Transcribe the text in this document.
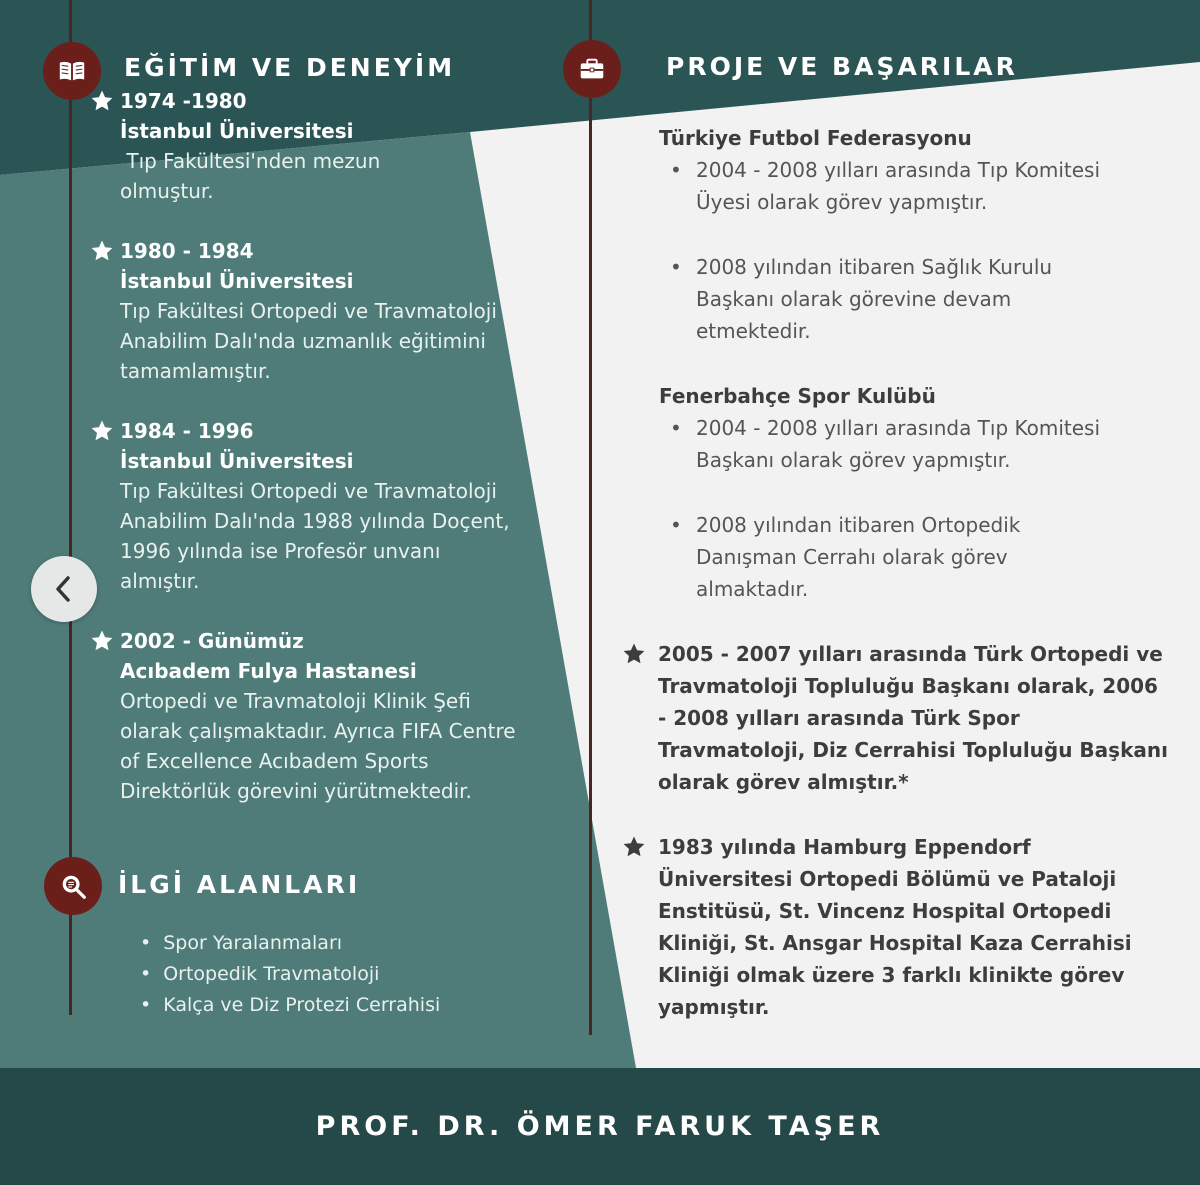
EĞİTİM VE DENEYİM
1974 -1980
İstanbul Üniversitesi
Tıp Fakültesi'nden mezun olmuştur.
1980 - 1984
İstanbul Üniversitesi
Tıp Fakültesi Ortopedi ve Travmatoloji Anabilim Dalı'nda uzmanlık eğitimini tamamlamıştır.
1984 - 1996
İstanbul Üniversitesi
Tıp Fakültesi Ortopedi ve Travmatoloji Anabilim Dalı'nda 1988 yılında Doçent, 1996 yılında ise Profesör unvanı almıştır.
2002 - Günümüz
Acıbadem Fulya Hastanesi
Ortopedi ve Travmatoloji Klinik Şefi olarak çalışmaktadır. Ayrıca FIFA Centre of Excellence Acıbadem Sports Direktörlük görevini yürütmektedir.
İLGİ ALANLARI
• Spor Yaralanmaları
• Ortopedik Travmatoloji
• Kalça ve Diz Protezi Cerrahisi
PROJE VE BAŞARILAR
Türkiye Futbol Federasyonu
• 2004 - 2008 yılları arasında Tıp Komitesi Üyesi olarak görev yapmıştır.
• 2008 yılından itibaren Sağlık Kurulu Başkanı olarak görevine devam etmektedir.
Fenerbahçe Spor Kulübü
• 2004 - 2008 yılları arasında Tıp Komitesi Başkanı olarak görev yapmıştır.
• 2008 yılından itibaren Ortopedik Danışman Cerrahı olarak görev almaktadır.
2005 - 2007 yılları arasında Türk Ortopedi ve Travmatoloji Topluluğu Başkanı olarak, 2006 - 2008 yılları arasında Türk Spor Travmatoloji, Diz Cerrahisi Topluluğu Başkanı olarak görev almıştır.*
1983 yılında Hamburg Eppendorf Üniversitesi Ortopedi Bölümü ve Pataloji Enstitüsü, St. Vincenz Hospital Ortopedi Kliniği, St. Ansgar Hospital Kaza Cerrahisi Kliniği olmak üzere 3 farklı klinikte görev yapmıştır.
PROF. DR. ÖMER FARUK TAŞER
